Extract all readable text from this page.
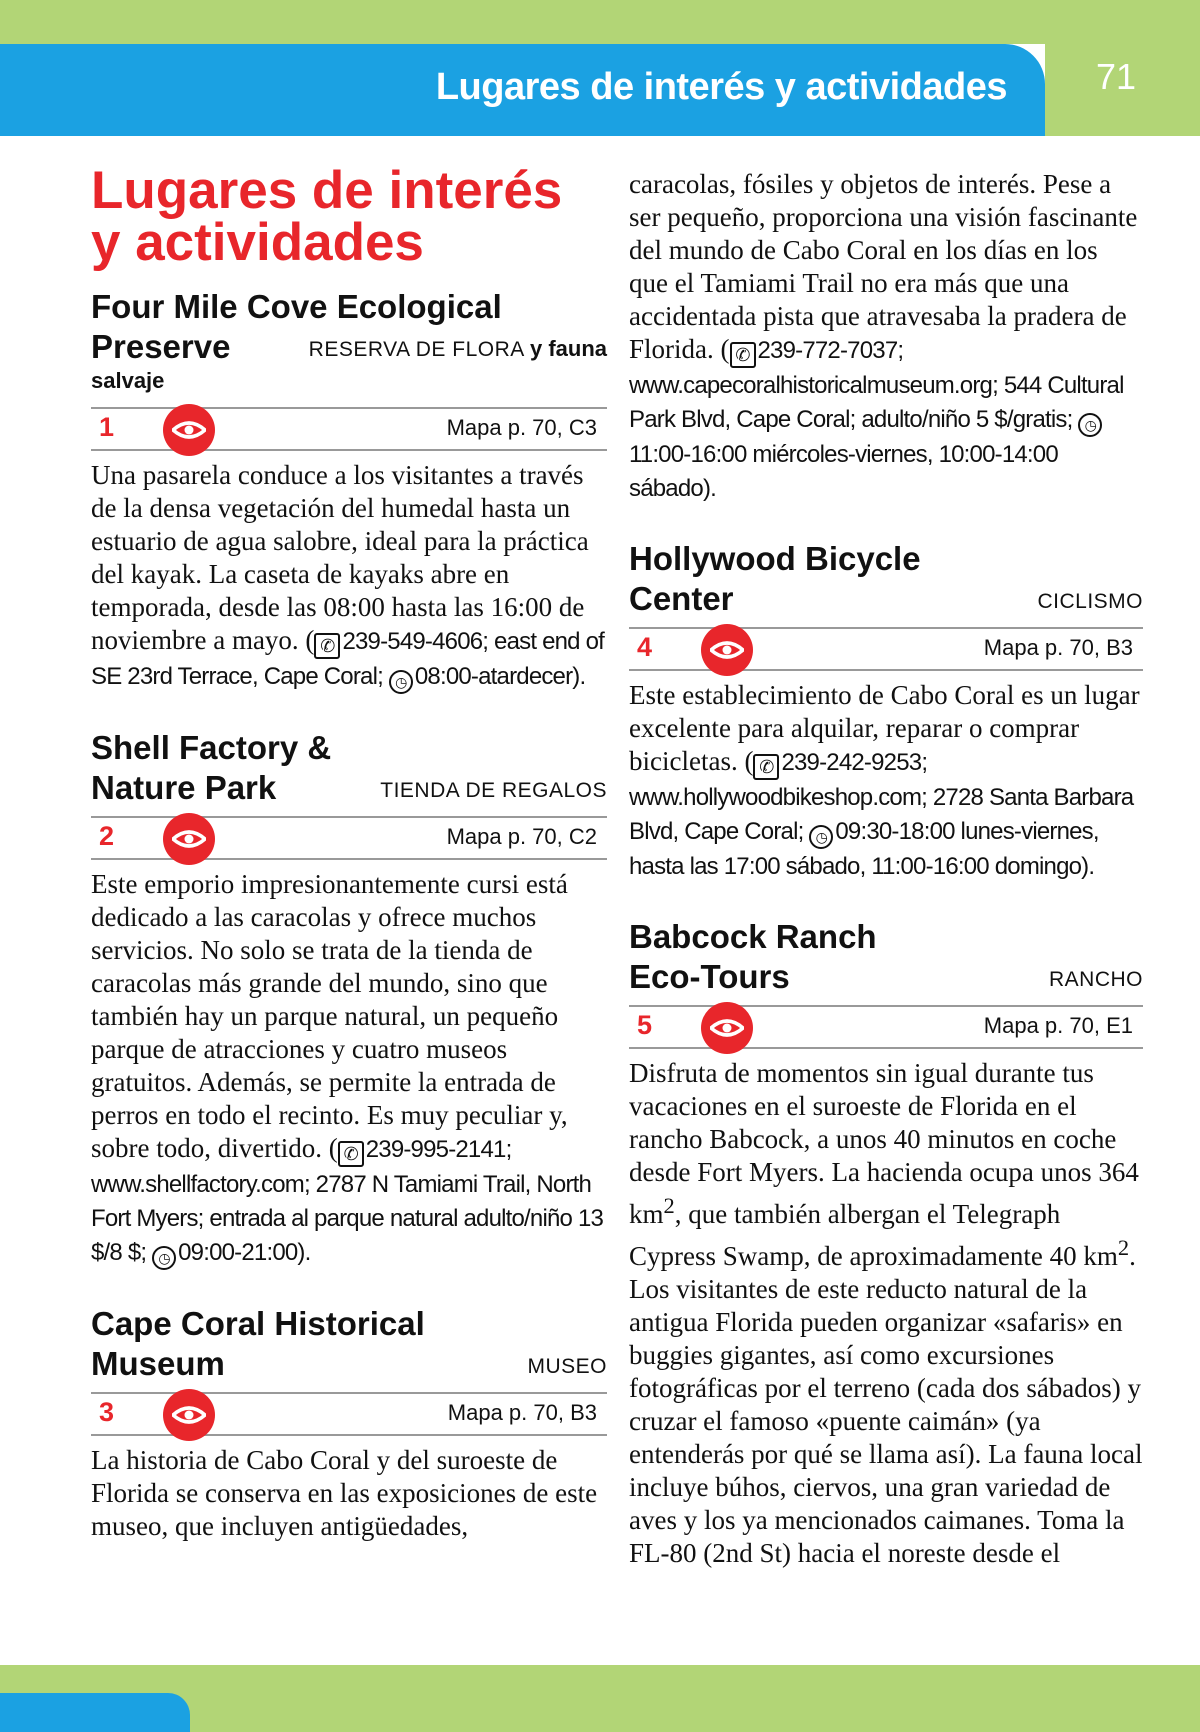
Lugares de interés y actividades 71
Lugares de interés
y actividades
Four Mile Cove Ecological
Preserve	RESERVA DE FLORA y fauna
salvaje
1	Mapa p. 70, C3

Una pasarela conduce a los visitantes a través de la densa vegetación del humedal hasta un estuario de agua salobre, ideal para la práctica del kayak. La caseta de kayaks abre en temporada, desde las 08:00 hasta las 16:00 de noviembre a mayo. ( ✆ 239-549-4606; east end of SE 23rd Terrace, Cape Coral; ◷ 08:00-atardecer).

Shell Factory &
Nature Park	TIENDA DE REGALOS
2	Mapa p. 70, C2

Este emporio impresionantemente cursi está dedicado a las caracolas y ofrece muchos servicios. No solo se trata de la tienda de caracolas más grande del mundo, sino que también hay un parque natural, un pequeño parque de atracciones y cuatro museos gratuitos. Además, se permite la entrada de perros en todo el recinto. Es muy peculiar y, sobre todo, divertido. ( ✆ 239-995-2141; www.shellfactory.com; 2787 N Tamiami Trail, North Fort Myers; entrada al parque natural adulto/niño 13 $/8 $; ◷ 09:00-21:00).

Cape Coral Historical
Museum	MUSEO
3	Mapa p. 70, B3

La historia de Cabo Coral y del suroeste de Florida se conserva en las exposiciones de este museo, que incluyen antigüedades,

caracolas, fósiles y objetos de interés. Pese a ser pequeño, proporciona una visión fascinante del mundo de Cabo Coral en los días en los que el Tamiami Trail no era más que una accidentada pista que atravesaba la pradera de Florida. ( ✆ 239-772-7037; www.capecoralhistoricalmuseum.org; 544 Cultural Park Blvd, Cape Coral; adulto/niño 5 $/gratis; ◷11:00-16:00 miércoles-viernes, 10:00-14:00 sábado).

Hollywood Bicycle
Center	CICLISMO
4	Mapa p. 70, B3

Este establecimiento de Cabo Coral es un lugar excelente para alquilar, reparar o comprar bicicletas. ( ✆ 239-242-9253; www.hollywoodbikeshop.com; 2728 Santa Barbara Blvd, Cape Coral; ◷ 09:30-18:00 lunes-viernes, hasta las 17:00 sábado, 11:00-16:00 domingo).

Babcock Ranch
Eco-Tours	RANCHO
5	Mapa p. 70, E1

Disfruta de momentos sin igual durante tus vacaciones en el suroeste de Florida en el rancho Babcock, a unos 40 minutos en coche desde Fort Myers. La hacienda ocupa unos 364 $km^2$, que también albergan el Telegraph Cypress Swamp, de aproximadamente 40 $km^2$. Los visitantes de este reducto natural de la antigua Florida pueden organizar «safaris» en buggies gigantes, así como excursiones fotográficas por el terreno (cada dos sábados) y cruzar el famoso «puente caimán» (ya entenderás por qué se llama así). La fauna local incluye búhos, ciervos, una gran variedad de aves y los ya mencionados caimanes. Toma la FL-80 (2nd St) hacia el noreste desde el
